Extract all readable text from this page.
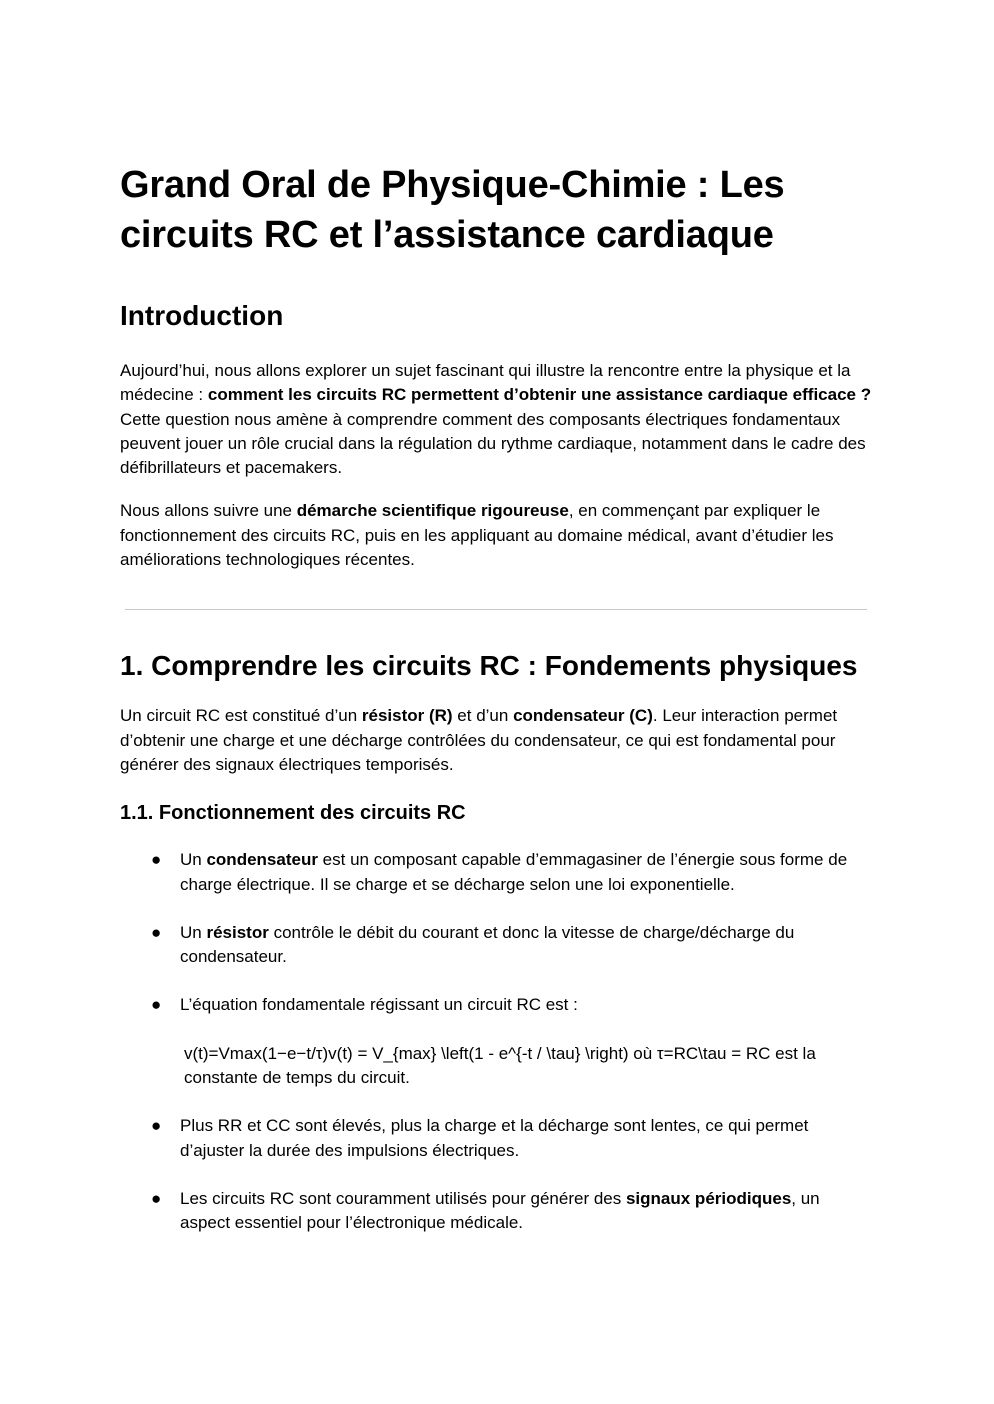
Grand Oral de Physique-Chimie : Les circuits RC et l’assistance cardiaque
Introduction

Aujourd’hui, nous allons explorer un sujet fascinant qui illustre la rencontre entre la physique et la médecine : comment les circuits RC permettent d’obtenir une assistance cardiaque efficace ? Cette question nous amène à comprendre comment des composants électriques fondamentaux peuvent jouer un rôle crucial dans la régulation du rythme cardiaque, notamment dans le cadre des défibrillateurs et pacemakers.

Nous allons suivre une démarche scientifique rigoureuse, en commençant par expliquer le fonctionnement des circuits RC, puis en les appliquant au domaine médical, avant d’étudier les améliorations technologiques récentes.

1. Comprendre les circuits RC : Fondements physiques

Un circuit RC est constitué d’un résistor (R) et d’un condensateur (C). Leur interaction permet d’obtenir une charge et une décharge contrôlées du condensateur, ce qui est fondamental pour générer des signaux électriques temporisés.

1.1. Fonctionnement des circuits RC
● Un condensateur est un composant capable d’emmagasiner de l’énergie sous forme de charge électrique. Il se charge et se décharge selon une loi exponentielle.
● Un résistor contrôle le débit du courant et donc la vitesse de charge/décharge du condensateur.
● L’équation fondamentale régissant un circuit RC est :
v(t)=Vmax(1−e−t/τ)v(t) = V_{max} \left(1 - e^{-t / \tau} \right) où τ=RC\tau = RC est la constante de temps du circuit.
● Plus RR et CC sont élevés, plus la charge et la décharge sont lentes, ce qui permet d’ajuster la durée des impulsions électriques.
● Les circuits RC sont couramment utilisés pour générer des signaux périodiques, un aspect essentiel pour l’électronique médicale.
